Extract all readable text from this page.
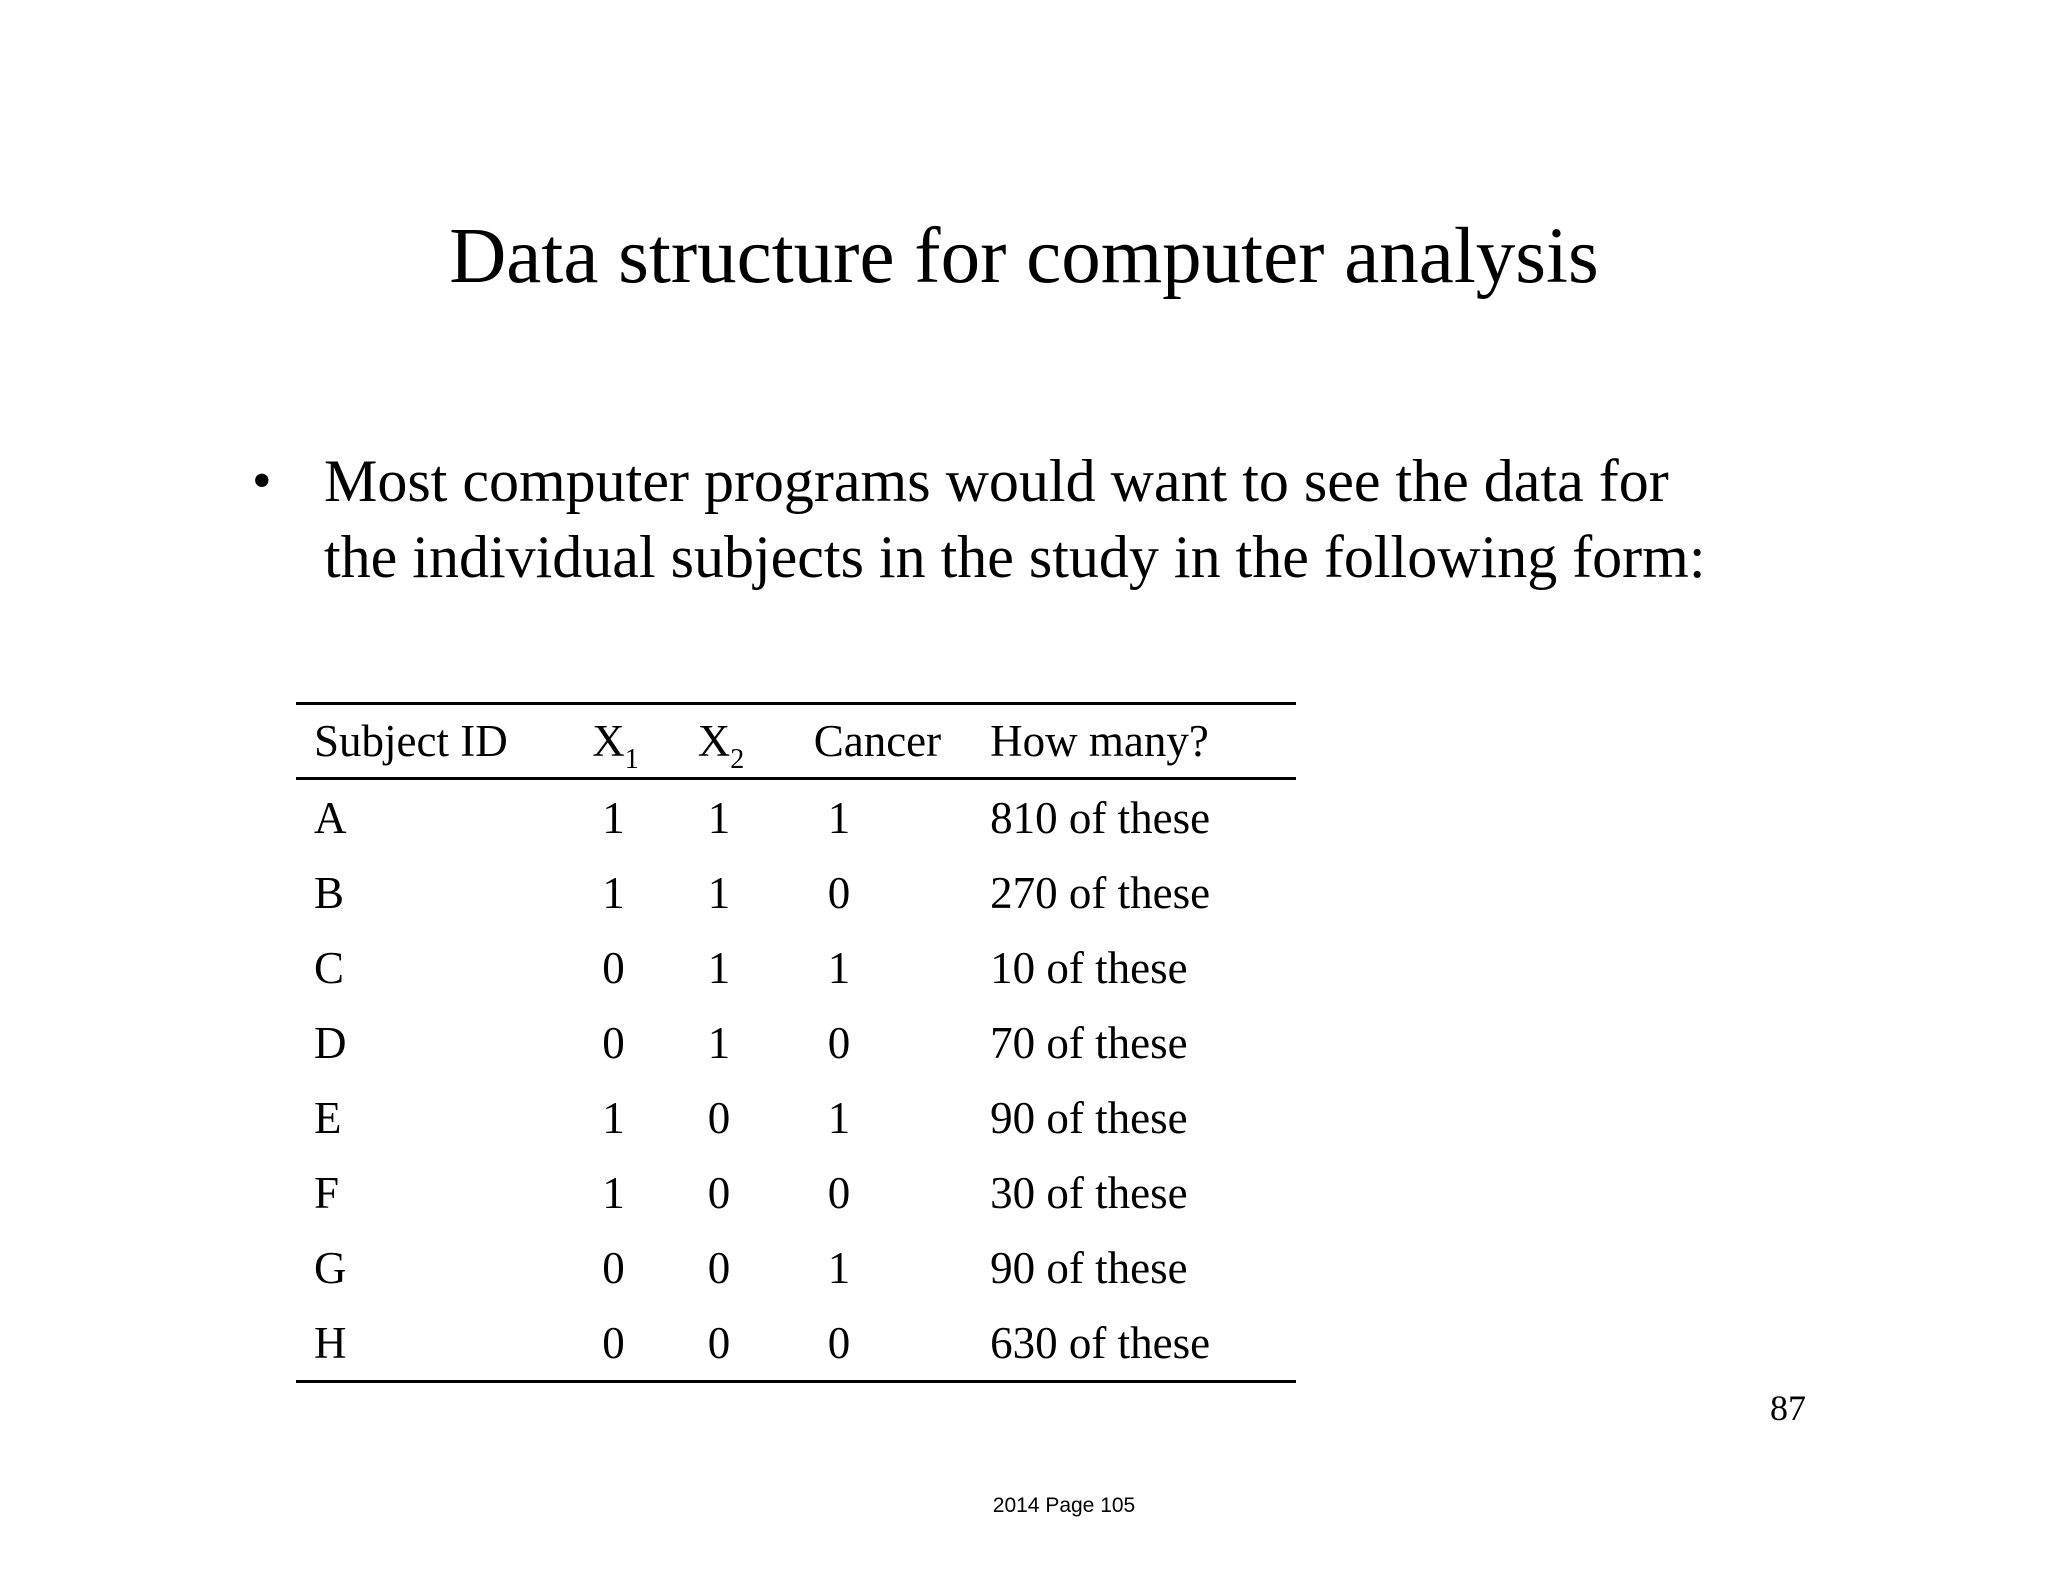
Data structure for computer analysis
• Most computer programs would want to see the data for
the individual subjects in the study in the following form:
Subject ID	$X_1$	$X_2$	Cancer	How many?
A	1	1	1	810 of these
B	1	1	0	270 of these
C	0	1	1	10 of these
D	0	1	0	70 of these
E	1	0	1	90 of these
F	1	0	0	30 of these
G	0	0	1	90 of these
H	0	0	0	630 of these
87
2014 Page 105
